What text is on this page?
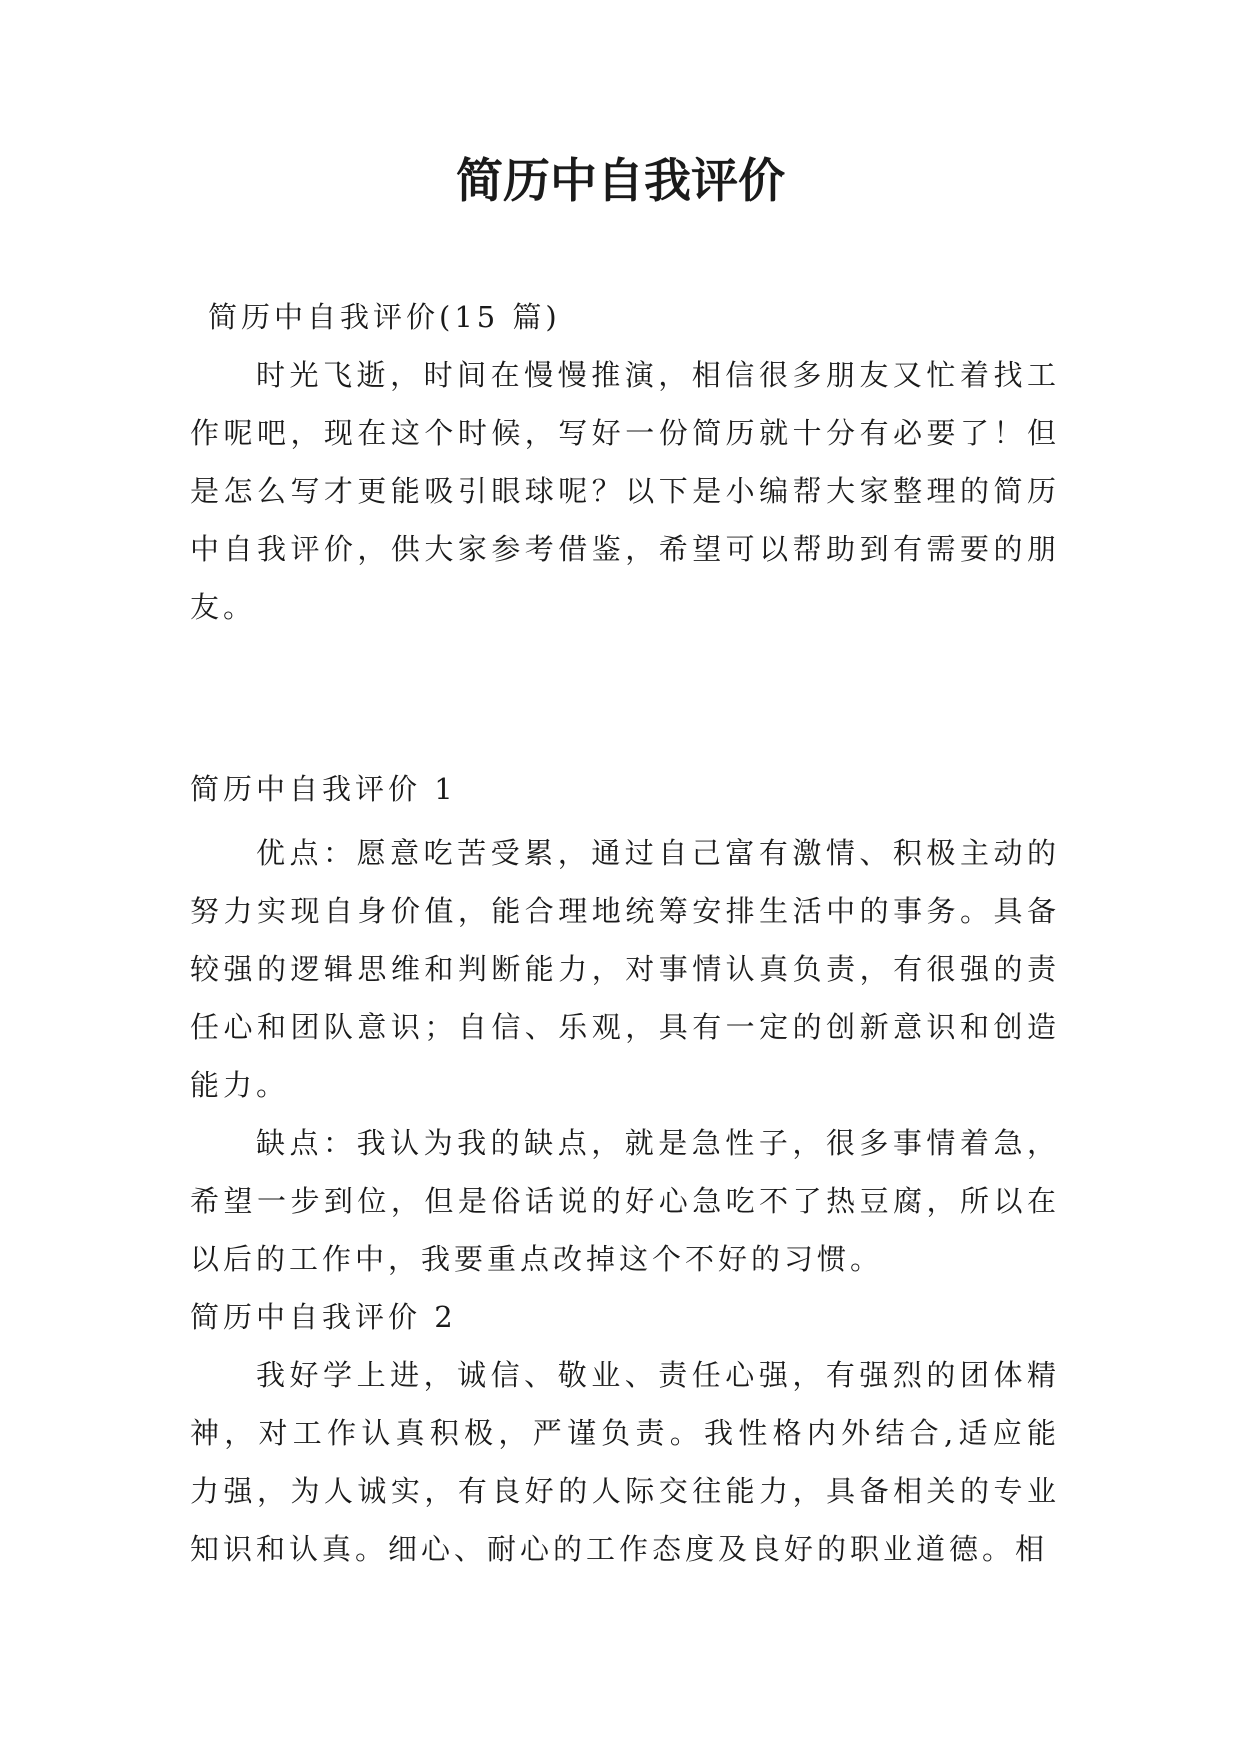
简历中自我评价

简历中自我评价(15 篇)

时光飞逝，时间在慢慢推演，相信很多朋友又忙着找工作呢吧，现在这个时候，写好一份简历就十分有必要了！但是怎么写才更能吸引眼球呢？以下是小编帮大家整理的简历中自我评价，供大家参考借鉴，希望可以帮助到有需要的朋友。

简历中自我评价 1

优点：愿意吃苦受累，通过自己富有激情、积极主动的努力实现自身价值，能合理地统筹安排生活中的事务。具备较强的逻辑思维和判断能力，对事情认真负责，有很强的责任心和团队意识；自信、乐观，具有一定的创新意识和创造能力。

缺点：我认为我的缺点，就是急性子，很多事情着急，希望一步到位，但是俗话说的好心急吃不了热豆腐，所以在以后的工作中，我要重点改掉这个不好的习惯。

简历中自我评价 2

我好学上进，诚信、敬业、责任心强，有强烈的团体精神，对工作认真积极，严谨负责。我性格内外结合,适应能力强，为人诚实，有良好的人际交往能力，具备相关的专业知识和认真。细心、耐心的工作态度及良好的职业道德。相
